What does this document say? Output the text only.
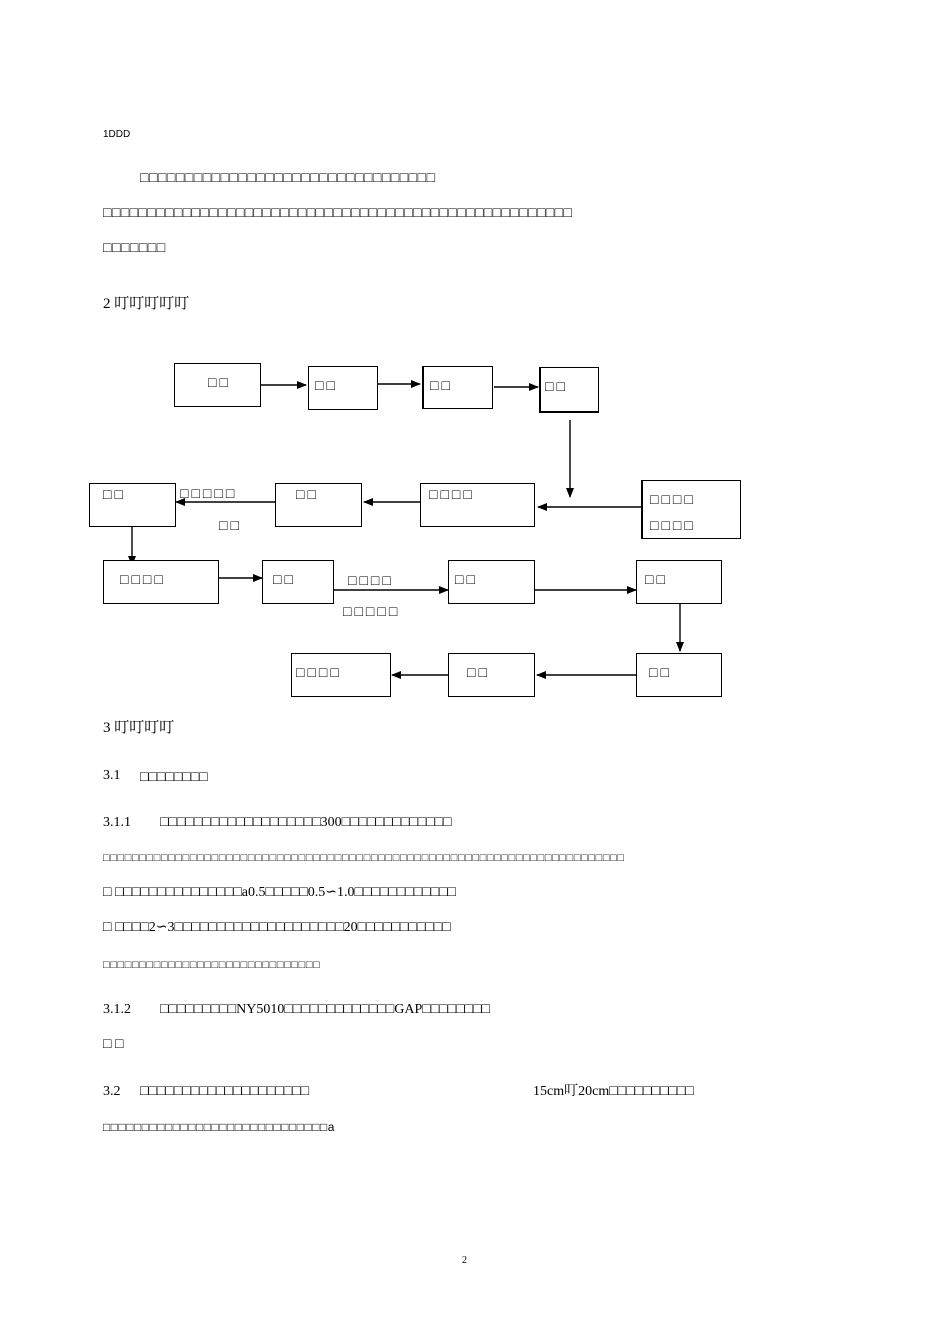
1DDD
□□□□□□□□□□□□□□□□□□□□□□□□□□□□□□□□□
□□□□□□□□□□□□□□□□□□□□□□□□□□□□□□□□□□□□□□□□□□□□□□□□□□□□□
□□□□□□□
2 叮叮叮叮叮
□□	□□	□□	□□
□□□□
□□□□
□□□□
□□
□□	□□□□□
□□
□□□□	□□	□□□□
□□□□□
□□	□□
□□
□□
□□□□
3 叮叮叮叮
3.1 □□□□□□□□
3.1.1 □□□□□□□□□□□□□□□□□□□300□□□□□□□□□□□□□
□□□□□□□□□□□□□□□□□□□□□□□□□□□□□□□□□□□□□□□□□□□□□□□□□□□□□□□□□□□□□□□□□□□□□□□□
□ □□□□□□□□□□□□□□□a0.5□□□□□0.5∽1.0□□□□□□□□□□□□
□ □□□□2∽3□□□□□□□□□□□□□□□□□□□□20□□□□□□□□□□□
□□□□□□□□□□□□□□□□□□□□□□□□□□□□□□
3.1.2 □□□□□□□□□NY5010□□□□□□□□□□□□□GAP□□□□□□□□
□ □
3.2 □□□□□□□□□□□□□□□□□□□□	15cm叮20cm□□□□□□□□□□
□□□□□□□□□□□□□□□□□□□□□□□□□□□□□a
2
